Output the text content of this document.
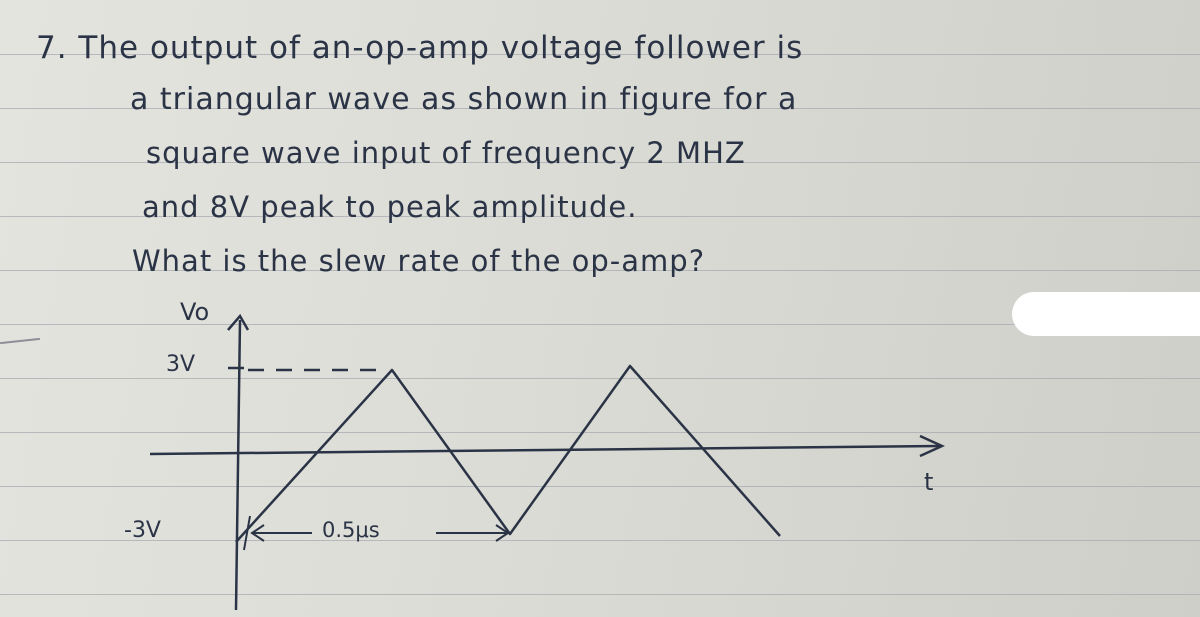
7. The output of an-op-amp voltage follower is
a triangular wave as shown in figure for a
square wave input of frequency 2 MHZ
and 8V peak to peak amplitude.
What is the slew rate of the op-amp?
Vo
3V
-3V
t
0.5μs
